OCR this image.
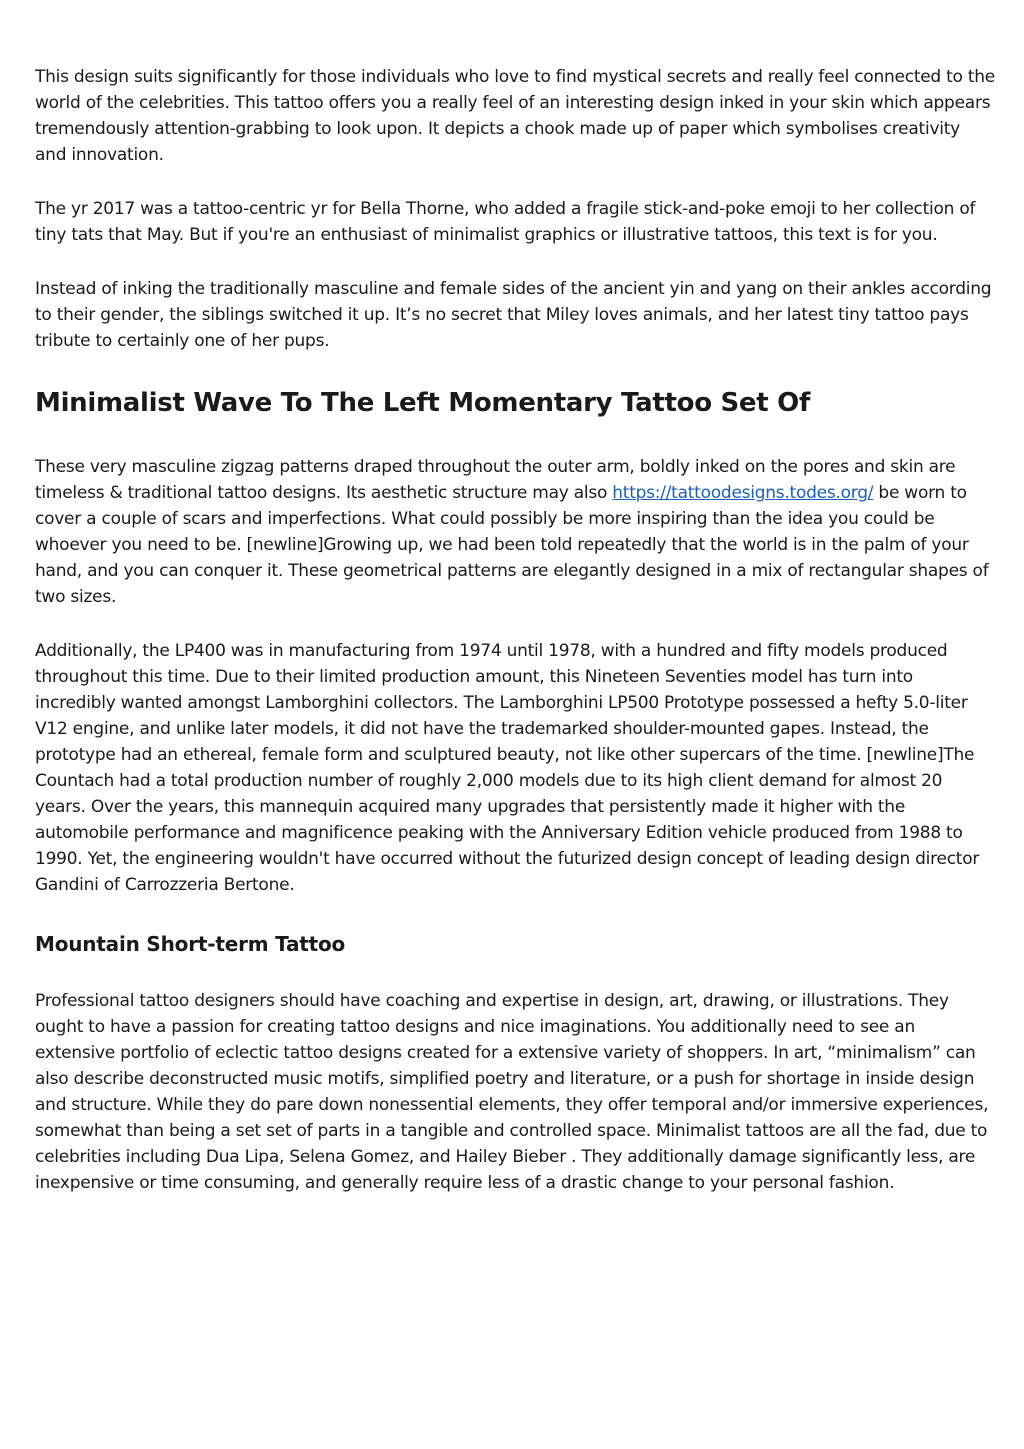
This design suits significantly for those individuals who love to find mystical secrets and really feel connected to the world of the celebrities. This tattoo offers you a really feel of an interesting design inked in your skin which appears tremendously attention-grabbing to look upon. It depicts a chook made up of paper which symbolises creativity and innovation.

The yr 2017 was a tattoo-centric yr for Bella Thorne, who added a fragile stick-and-poke emoji to her collection of tiny tats that May. But if you're an enthusiast of minimalist graphics or illustrative tattoos, this text is for you.

Instead of inking the traditionally masculine and female sides of the ancient yin and yang on their ankles according to their gender, the siblings switched it up. It’s no secret that Miley loves animals, and her latest tiny tattoo pays tribute to certainly one of her pups.

Minimalist Wave To The Left Momentary Tattoo Set Of

These very masculine zigzag patterns draped throughout the outer arm, boldly inked on the pores and skin are timeless & traditional tattoo designs. Its aesthetic structure may also https://tattoodesigns.todes.org/ be worn to cover a couple of scars and imperfections. What could possibly be more inspiring than the idea you could be whoever you need to be. [newline]Growing up, we had been told repeatedly that the world is in the palm of your hand, and you can conquer it. These geometrical patterns are elegantly designed in a mix of rectangular shapes of two sizes.

Additionally, the LP400 was in manufacturing from 1974 until 1978, with a hundred and fifty models produced throughout this time. Due to their limited production amount, this Nineteen Seventies model has turn into incredibly wanted amongst Lamborghini collectors. The Lamborghini LP500 Prototype possessed a hefty 5.0-liter V12 engine, and unlike later models, it did not have the trademarked shoulder-mounted gapes. Instead, the prototype had an ethereal, female form and sculptured beauty, not like other supercars of the time. [newline]The Countach had a total production number of roughly 2,000 models due to its high client demand for almost 20 years. Over the years, this mannequin acquired many upgrades that persistently made it higher with the automobile performance and magnificence peaking with the Anniversary Edition vehicle produced from 1988 to 1990. Yet, the engineering wouldn't have occurred without the futurized design concept of leading design director Gandini of Carrozzeria Bertone.

Mountain Short-term Tattoo

Professional tattoo designers should have coaching and expertise in design, art, drawing, or illustrations. They ought to have a passion for creating tattoo designs and nice imaginations. You additionally need to see an extensive portfolio of eclectic tattoo designs created for a extensive variety of shoppers. In art, “minimalism” can also describe deconstructed music motifs, simplified poetry and literature, or a push for shortage in inside design and structure. While they do pare down nonessential elements, they offer temporal and/or immersive experiences, somewhat than being a set set of parts in a tangible and controlled space. Minimalist tattoos are all the fad, due to celebrities including Dua Lipa, Selena Gomez, and Hailey Bieber . They additionally damage significantly less, are inexpensive or time consuming, and generally require less of a drastic change to your personal fashion.
